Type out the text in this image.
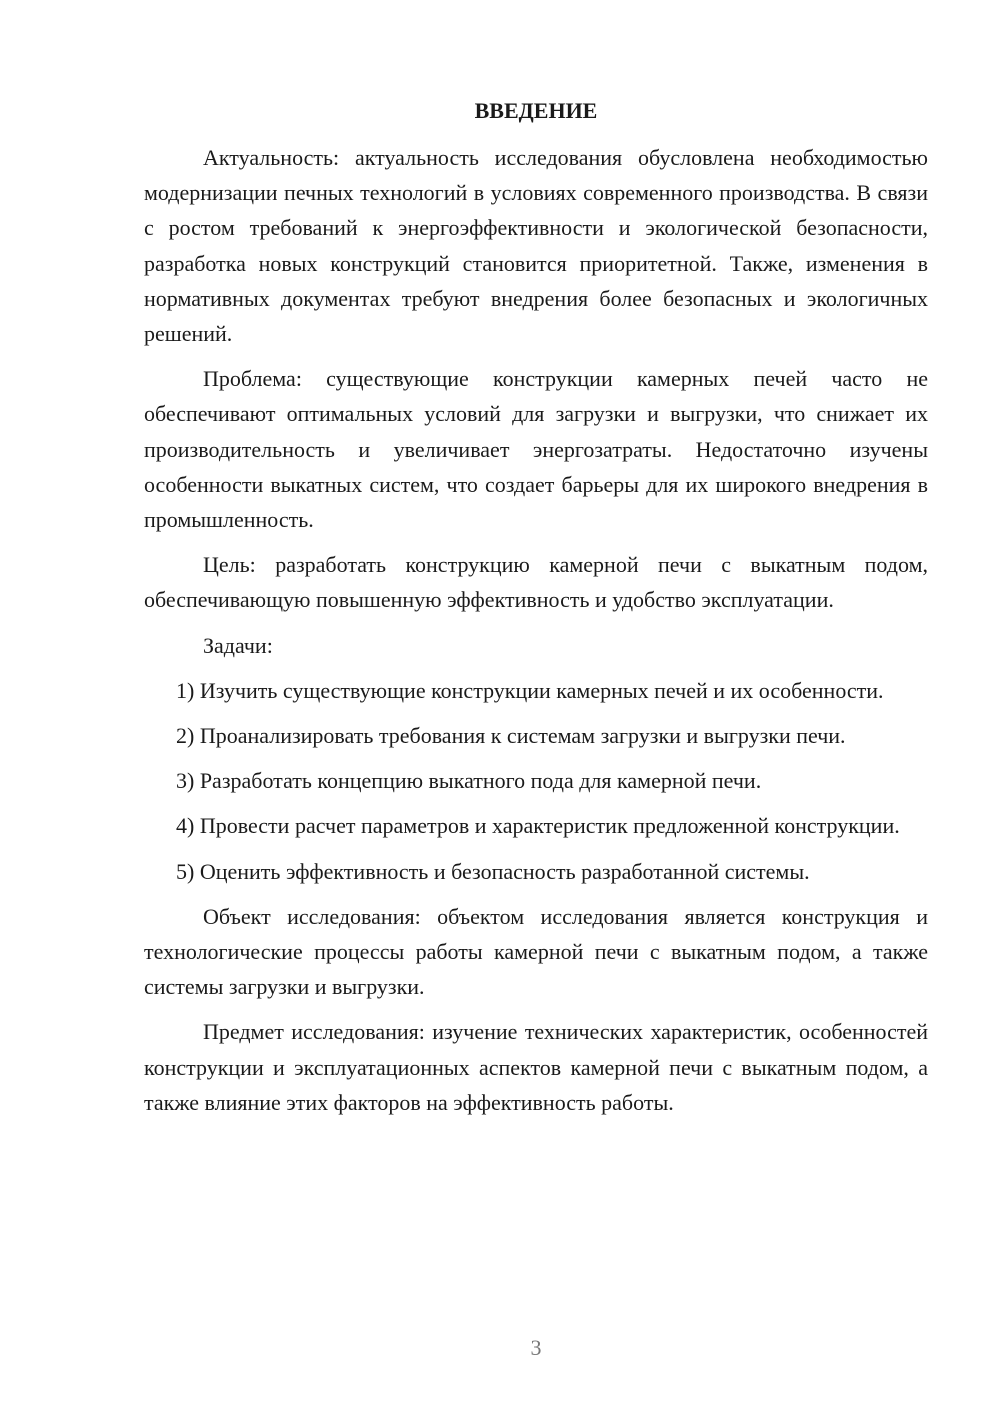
ВВЕДЕНИЕ

Актуальность: актуальность исследования обусловлена необходимостью модернизации печных технологий в условиях современного производства. В связи с ростом требований к энергоэффективности и экологической безопасности, разработка новых конструкций становится приоритетной. Также, изменения в нормативных документах требуют внедрения более безопасных и экологичных решений.

Проблема: существующие конструкции камерных печей часто не обеспечивают оптимальных условий для загрузки и выгрузки, что снижает их производительность и увеличивает энергозатраты. Недостаточно изучены особенности выкатных систем, что создает барьеры для их широкого внедрения в промышленность.

Цель: разработать конструкцию камерной печи с выкатным подом, обеспечивающую повышенную эффективность и удобство эксплуатации.

Задачи:

1) Изучить существующие конструкции камерных печей и их особенности.

2) Проанализировать требования к системам загрузки и выгрузки печи.

3) Разработать концепцию выкатного пода для камерной печи.

4) Провести расчет параметров и характеристик предложенной конструкции.

5) Оценить эффективность и безопасность разработанной системы.

Объект исследования: объектом исследования является конструкция и технологические процессы работы камерной печи с выкатным подом, а также системы загрузки и выгрузки.

Предмет исследования: изучение технических характеристик, особенностей конструкции и эксплуатационных аспектов камерной печи с выкатным подом, а также влияние этих факторов на эффективность работы.

3
